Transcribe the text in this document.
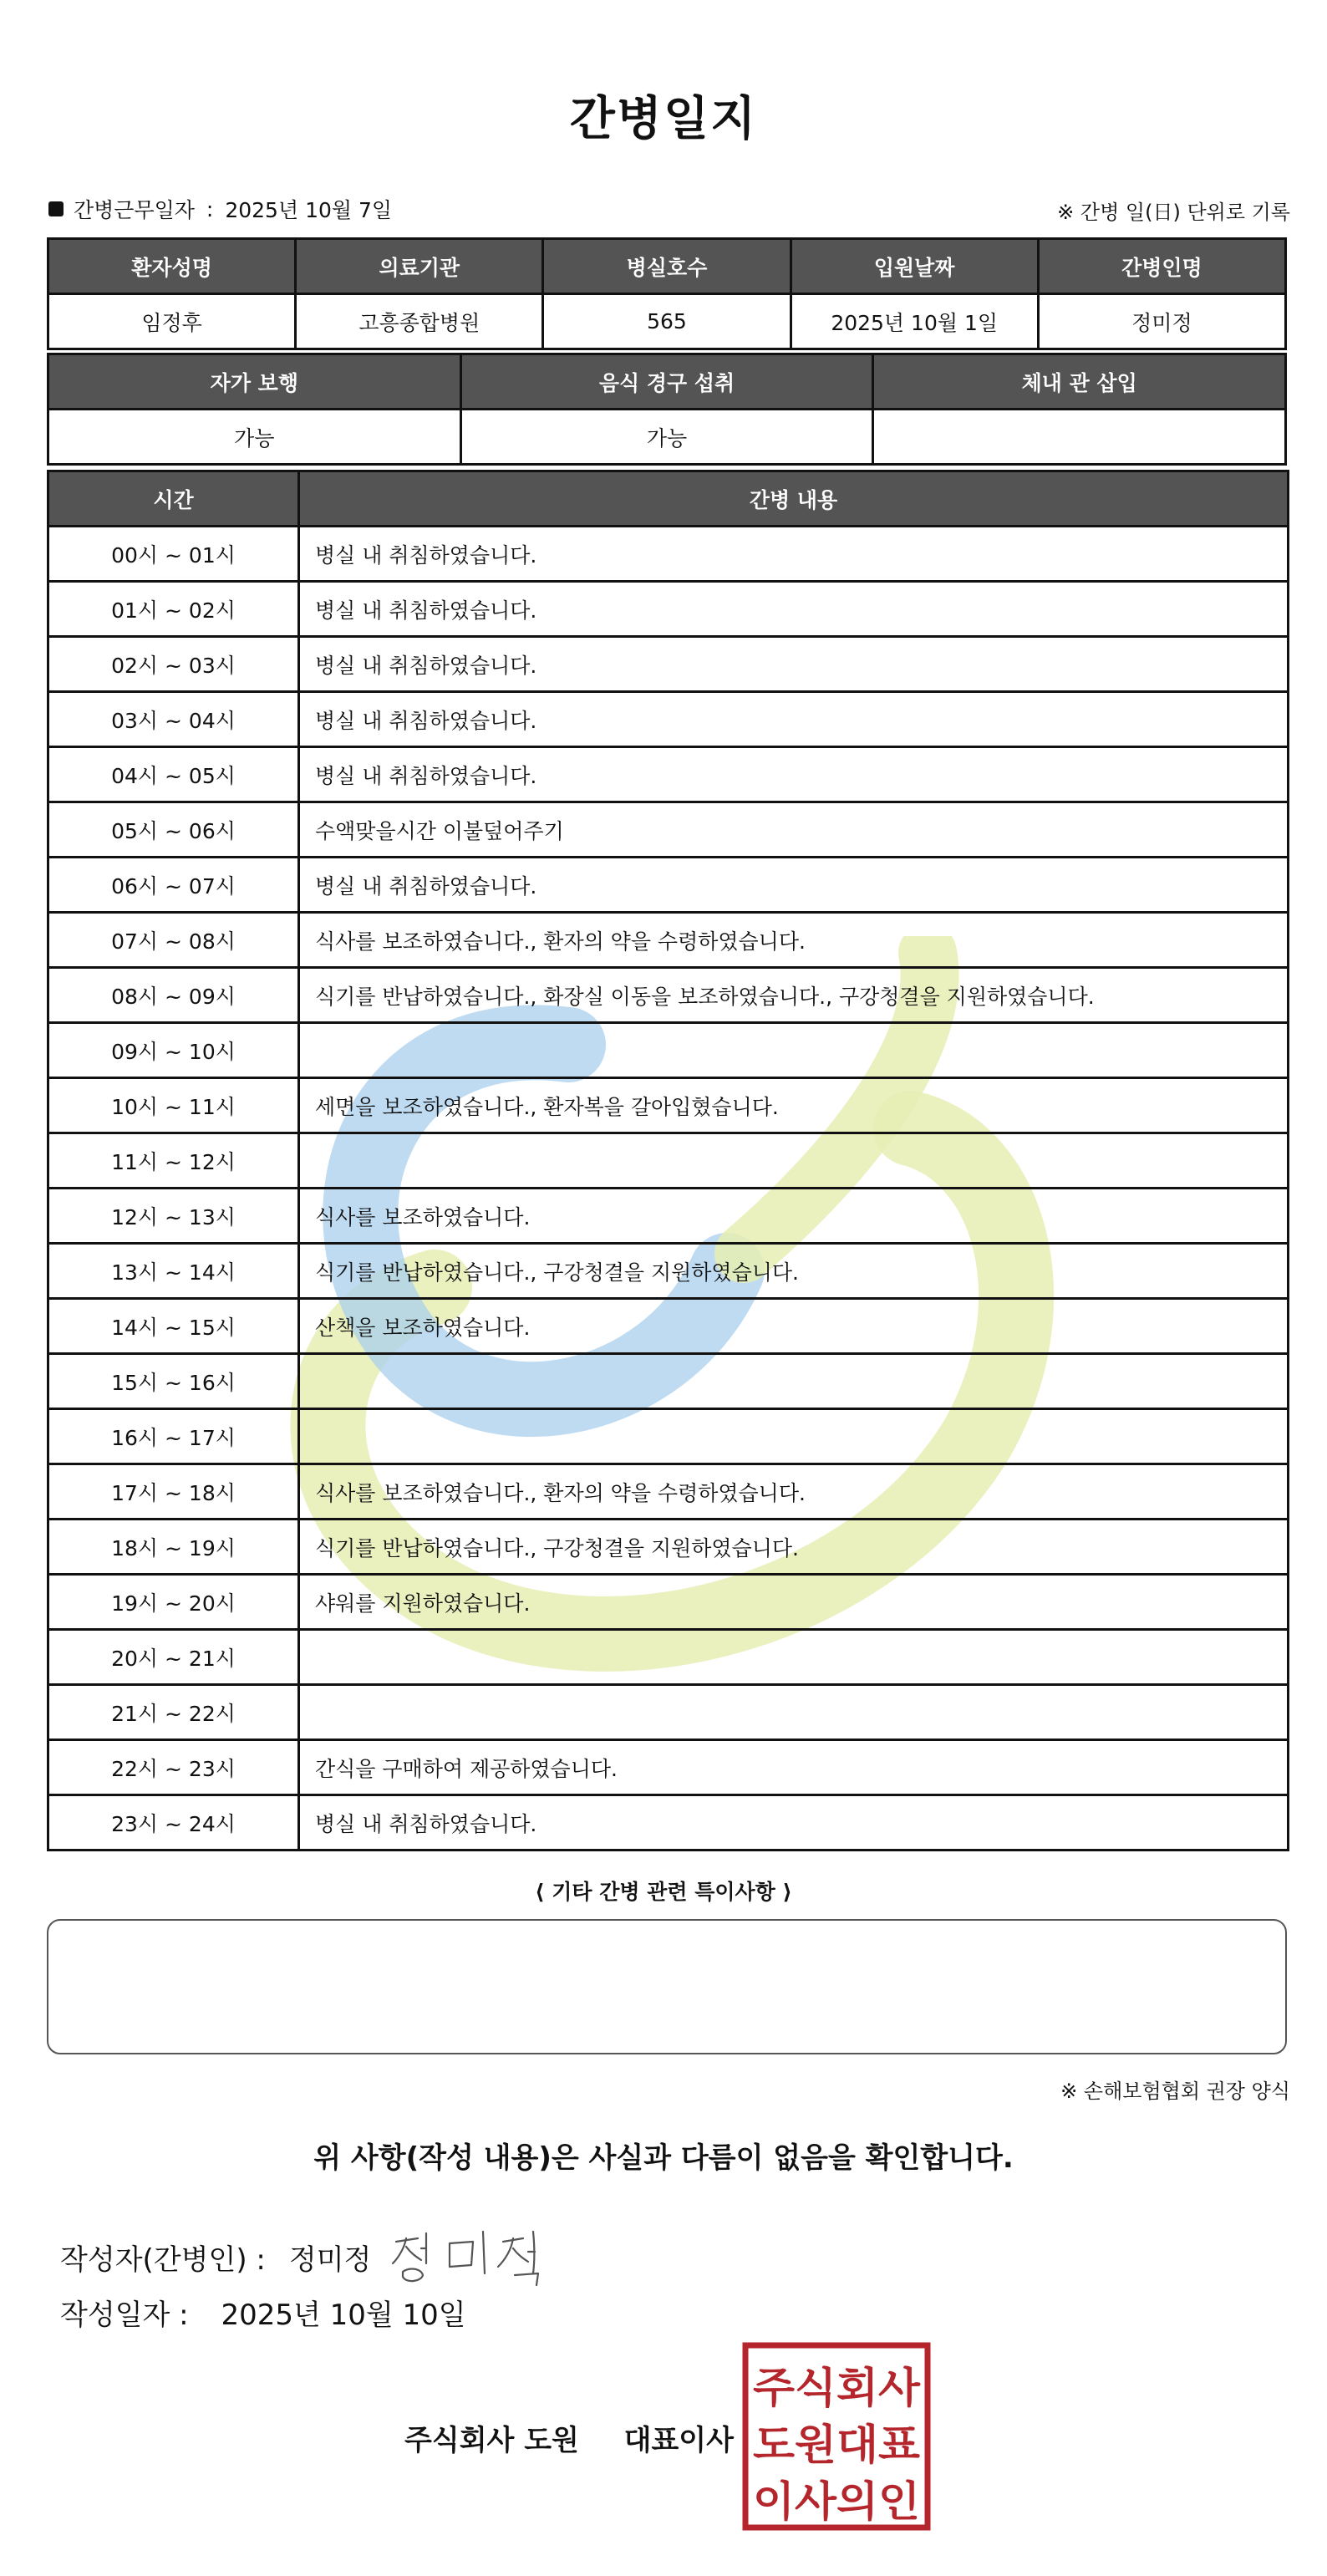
간병일지
간병근무일자 : 2025년 10월 7일	※ 간병 일(日) 단위로 기록
환자성명	의료기관	병실호수	입원날짜	간병인명
임정후	고흥종합병원	565	2025년 10월 1일	정미정
자가 보행	음식 경구 섭취	체내 관 삽입
가능	가능	
시간	간병 내용
00시 ~ 01시	병실 내 취침하였습니다.
01시 ~ 02시	병실 내 취침하였습니다.
02시 ~ 03시	병실 내 취침하였습니다.
03시 ~ 04시	병실 내 취침하였습니다.
04시 ~ 05시	병실 내 취침하였습니다.
05시 ~ 06시	수액맞을시간 이불덮어주기
06시 ~ 07시	병실 내 취침하였습니다.
07시 ~ 08시	식사를 보조하였습니다., 환자의 약을 수령하였습니다.
08시 ~ 09시	식기를 반납하였습니다., 화장실 이동을 보조하였습니다., 구강청결을 지원하였습니다.
09시 ~ 10시	
10시 ~ 11시	세면을 보조하였습니다., 환자복을 갈아입혔습니다.
11시 ~ 12시	
12시 ~ 13시	식사를 보조하였습니다.
13시 ~ 14시	식기를 반납하였습니다., 구강청결을 지원하였습니다.
14시 ~ 15시	산책을 보조하였습니다.
15시 ~ 16시	
16시 ~ 17시	
17시 ~ 18시	식사를 보조하였습니다., 환자의 약을 수령하였습니다.
18시 ~ 19시	식기를 반납하였습니다., 구강청결을 지원하였습니다.
19시 ~ 20시	샤워를 지원하였습니다.
20시 ~ 21시	
21시 ~ 22시	
22시 ~ 23시	간식을 구매하여 제공하였습니다.
23시 ~ 24시	병실 내 취침하였습니다.
⟨ 기타 간병 관련 특이사항 ⟩
※ 손해보험협회 권장 양식
위 사항(작성 내용)은 사실과 다름이 없음을 확인합니다.
작성자(간병인) : 정미정
작성일자 : 2025년 10월 10일
주식회사 도원 대표이사
주식회사
도원대표
이사의인
